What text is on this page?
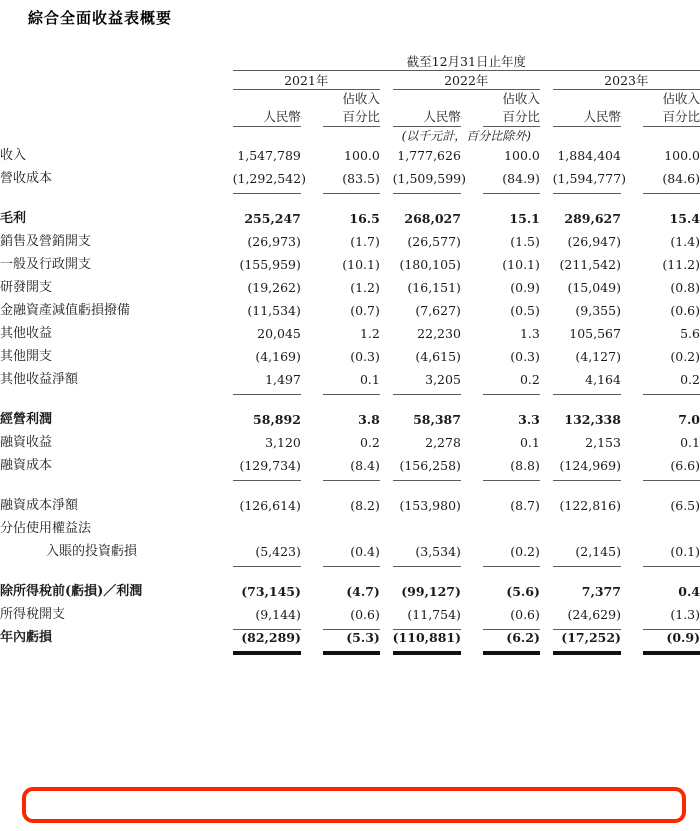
綜合全面收益表概要
	截至12月31日止年度										

	2021年				2022年				2023年		

			佔收入				佔收入				佔收入
	人民幣		百分比		人民幣		百分比		人民幣		百分比

	(以千元計，百分比除外)										
收入	1,547,789		100.0		1,777,626		100.0		1,884,404		100.0
營收成本	(1,292,542)		(83.5)		(1,509,599)		(84.9)		(1,594,777)		(84.6)

毛利	255,247		16.5		268,027		15.1		289,627		15.4
銷售及營銷開支	(26,973)		(1.7)		(26,577)		(1.5)		(26,947)		(1.4)
一般及行政開支	(155,959)		(10.1)		(180,105)		(10.1)		(211,542)		(11.2)
研發開支	(19,262)		(1.2)		(16,151)		(0.9)		(15,049)		(0.8)
金融資產減值虧損撥備	(11,534)		(0.7)		(7,627)		(0.5)		(9,355)		(0.6)
其他收益	20,045		1.2		22,230		1.3		105,567		5.6
其他開支	(4,169)		(0.3)		(4,615)		(0.3)		(4,127)		(0.2)
其他收益淨額	1,497		0.1		3,205		0.2		4,164		0.2

經營利潤	58,892		3.8		58,387		3.3		132,338		7.0
融資收益	3,120		0.2		2,278		0.1		2,153		0.1
融資成本	(129,734)		(8.4)		(156,258)		(8.8)		(124,969)		(6.6)

融資成本淨額	(126,614)		(8.2)		(153,980)		(8.7)		(122,816)		(6.5)
分佔使用權益法											
入賬的投資虧損	(5,423)		(0.4)		(3,534)		(0.2)		(2,145)		(0.1)

除所得稅前(虧損)／利潤	(73,145)		(4.7)		(99,127)		(5.6)		7,377		0.4
所得稅開支	(9,144)		(0.6)		(11,754)		(0.6)		(24,629)		(1.3)
年內虧損	(82,289)		(5.3)		(110,881)		(6.2)		(17,252)		(0.9)
